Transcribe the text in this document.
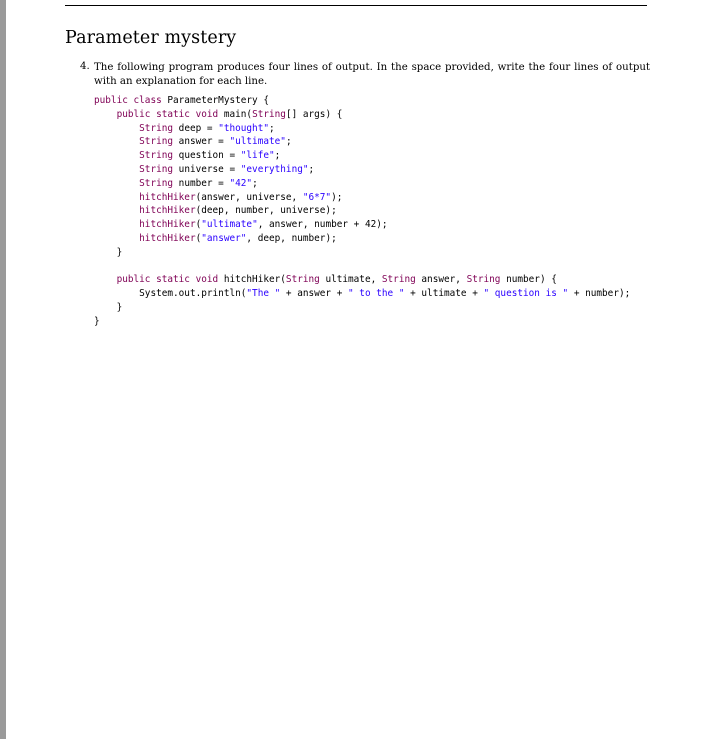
Parameter mystery
4. The following program produces four lines of output. In the space provided, write the four lines of output with an explanation for each line.
public class ParameterMystery {
public static void main(String[] args) {
String deep = "thought";
String answer = "ultimate";
String question = "life";
String universe = "everything";
String number = "42";
hitchHiker(answer, universe, "6*7");
hitchHiker(deep, number, universe);
hitchHiker("ultimate", answer, number + 42);
hitchHiker("answer", deep, number);
}
public static void hitchHiker(String ultimate, String answer, String number) {
System.out.println("The " + answer + " to the " + ultimate + " question is " + number);
}
}
